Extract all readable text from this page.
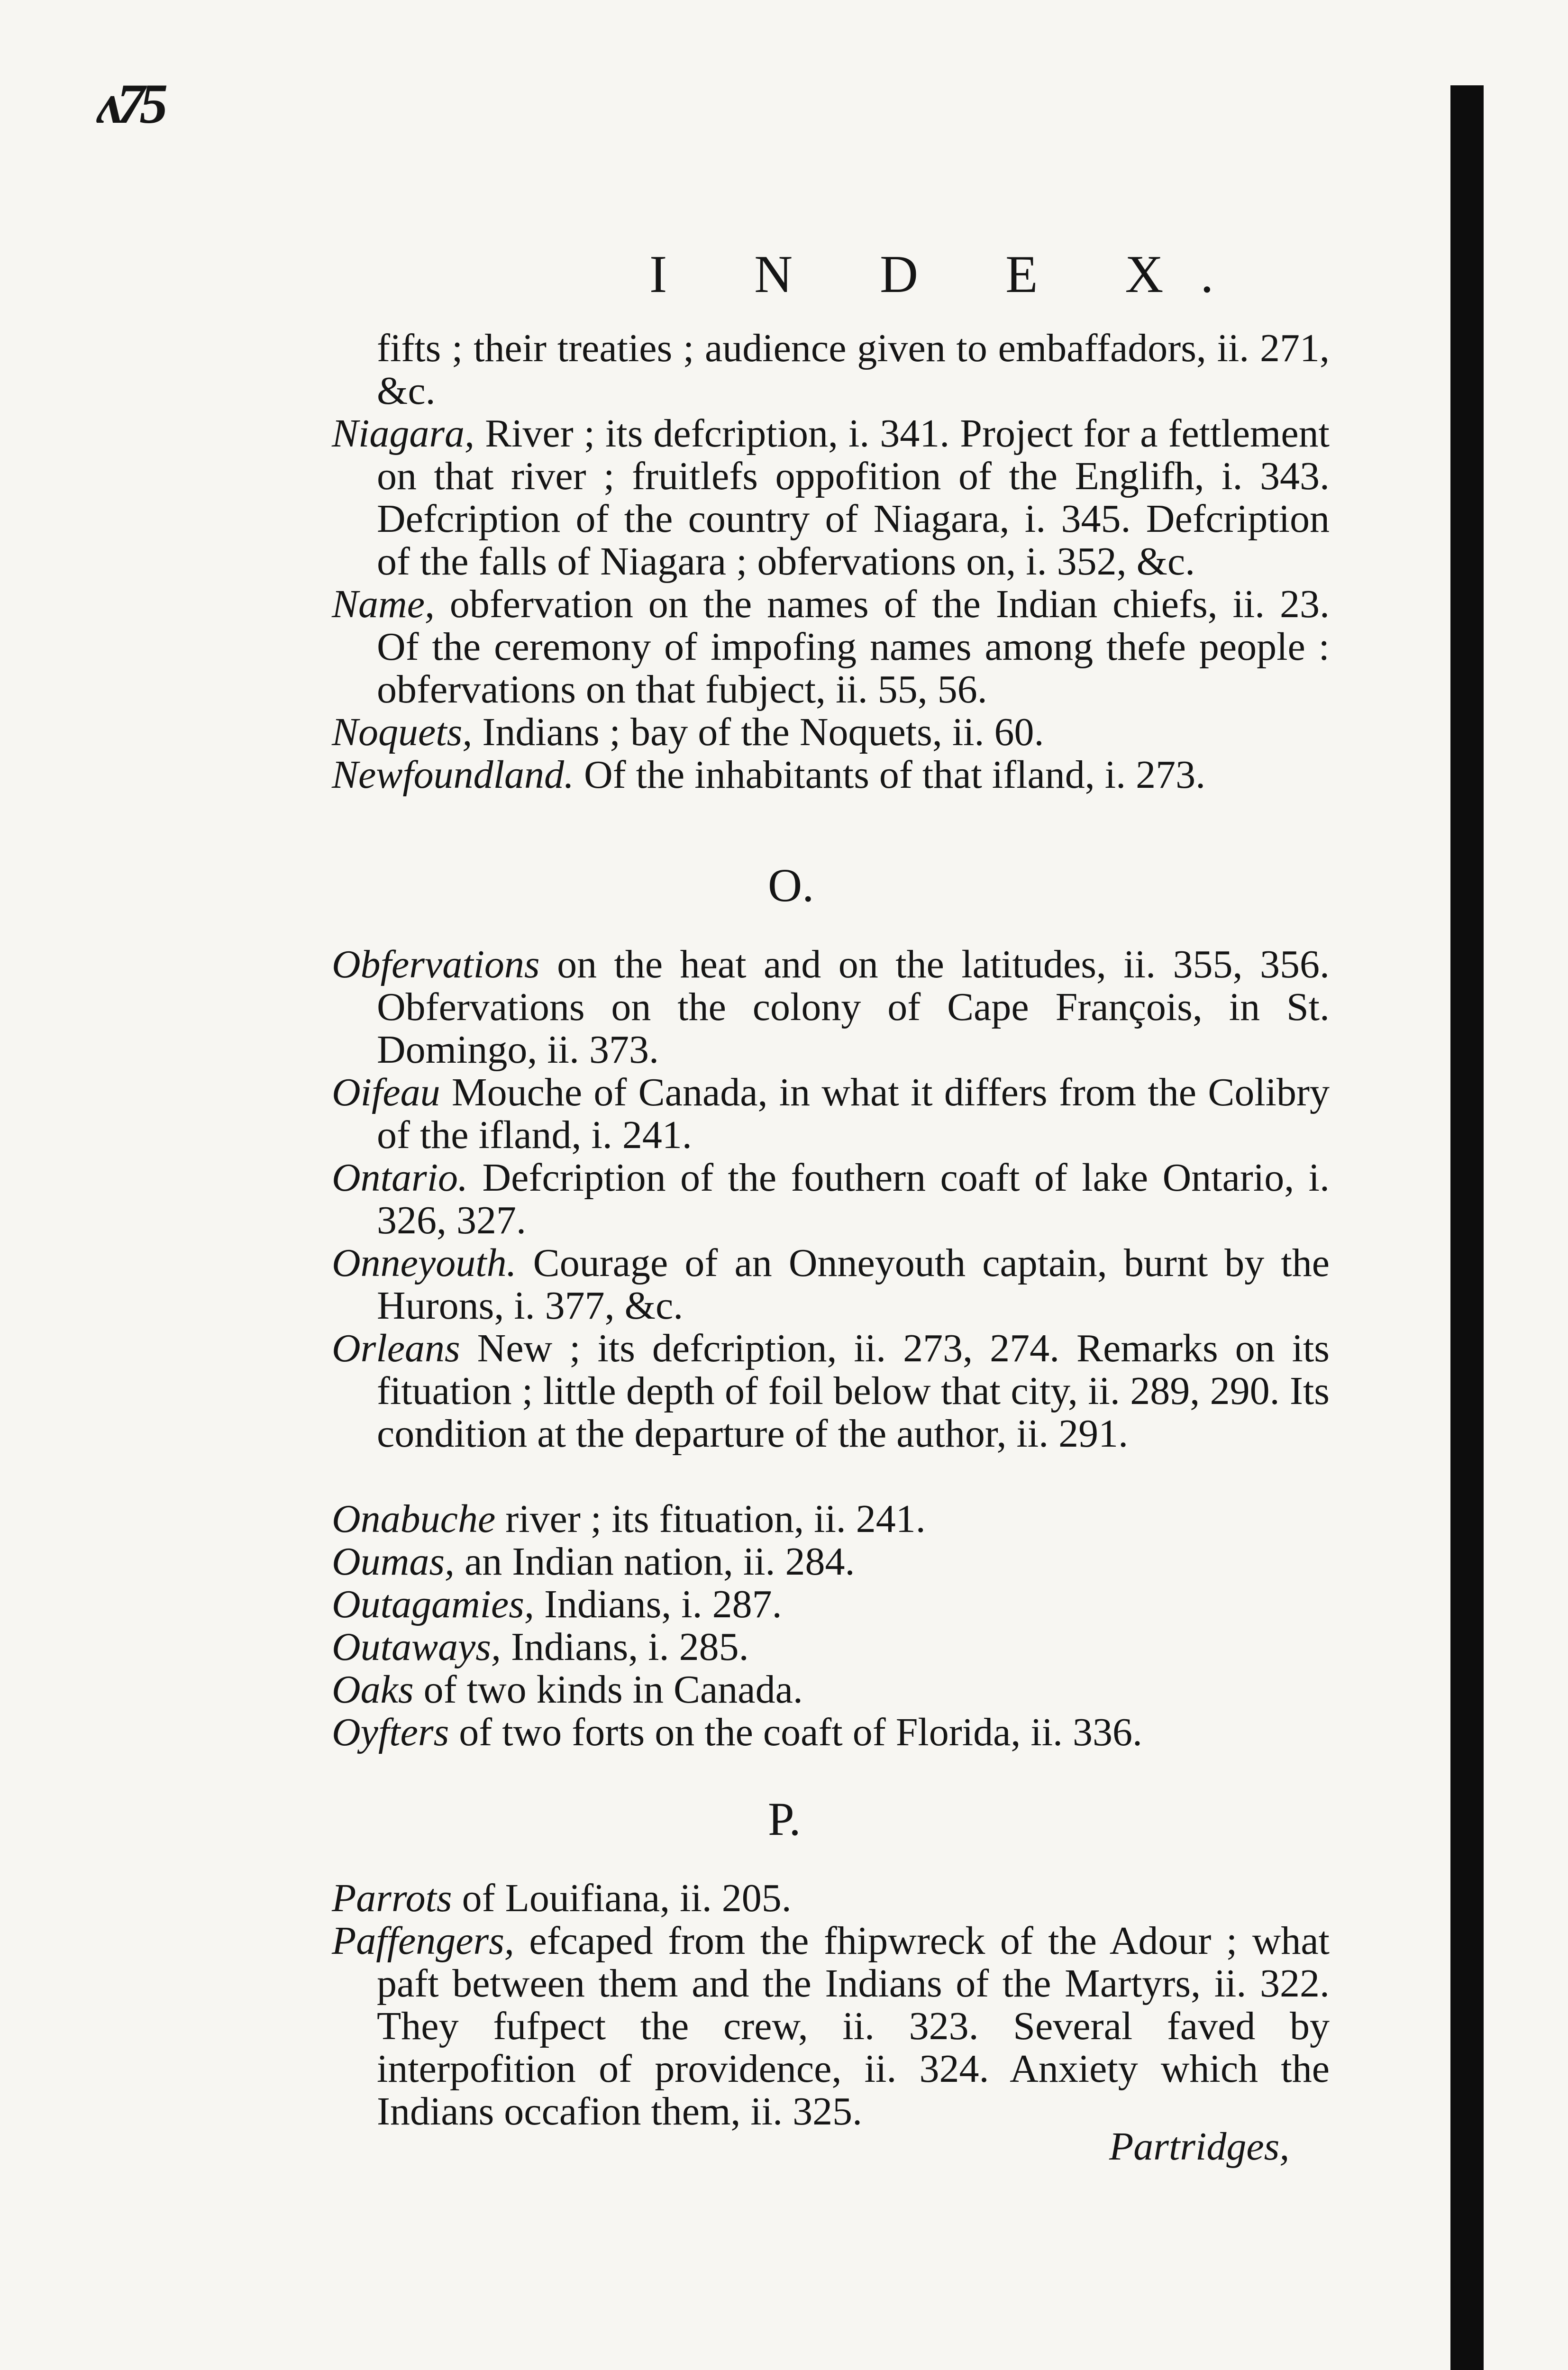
ʌ75
I N D E X.
fifts ; their treaties ; audience given to embaffadors, ii. 271, &c.
Niagara, River ; its defcription, i. 341. Project for a fettlement on that river ; fruitlefs oppofition of the Englifh, i. 343. Defcription of the country of Niagara, i. 345. Defcription of the falls of Niagara ; obfervations on, i. 352, &c.
Name, obfervation on the names of the Indian chiefs, ii. 23. Of the ceremony of impofing names among thefe people : obfervations on that fubject, ii. 55, 56.
Noquets, Indians ; bay of the Noquets, ii. 60.
Newfoundland. Of the inhabitants of that ifland, i. 273.
O.
Obfervations on the heat and on the latitudes, ii. 355, 356. Obfervations on the colony of Cape François, in St. Domingo, ii. 373.
Oifeau Mouche of Canada, in what it differs from the Colibry of the ifland, i. 241.
Ontario. Defcription of the fouthern coaft of lake Ontario, i. 326, 327.
Onneyouth. Courage of an Onneyouth captain, burnt by the Hurons, i. 377, &c.
Orleans New ; its defcription, ii. 273, 274. Remarks on its fituation ; little depth of foil below that city, ii. 289, 290. Its condition at the departure of the author, ii. 291.
Onabuche river ; its fituation, ii. 241.
Oumas, an Indian nation, ii. 284.
Outagamies, Indians, i. 287.
Outaways, Indians, i. 285.
Oaks of two kinds in Canada.
Oyfters of two forts on the coaft of Florida, ii. 336.
P.
Parrots of Louifiana, ii. 205.
Paffengers, efcaped from the fhipwreck of the Adour ; what paft between them and the Indians of the Martyrs, ii. 322. They fufpect the crew, ii. 323. Several faved by interpofition of providence, ii. 324. Anxiety which the Indians occafion them, ii. 325.
Partridges,
